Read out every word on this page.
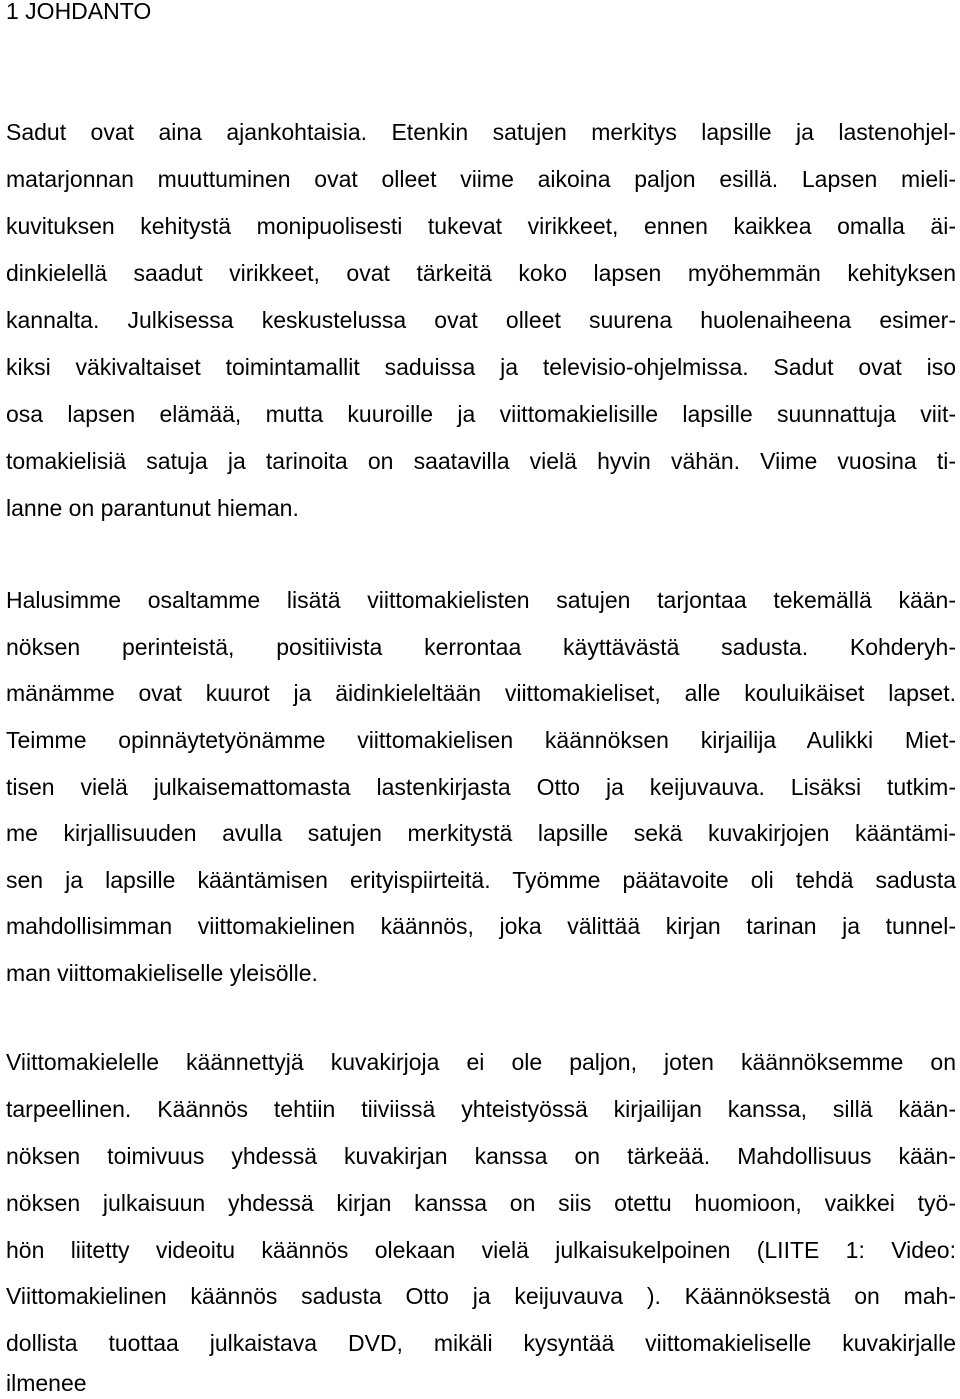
1 JOHDANTO
Sadut ovat aina ajankohtaisia. Etenkin satujen merkitys lapsille ja lastenohjel-
matarjonnan muuttuminen ovat olleet viime aikoina paljon esillä. Lapsen mieli-
kuvituksen kehitystä monipuolisesti tukevat virikkeet, ennen kaikkea omalla äi-
dinkielellä saadut virikkeet, ovat tärkeitä koko lapsen myöhemmän kehityksen
kannalta. Julkisessa keskustelussa ovat olleet suurena huolenaiheena esimer-
kiksi väkivaltaiset toimintamallit saduissa ja televisio-ohjelmissa. Sadut ovat iso
osa lapsen elämää, mutta kuuroille ja viittomakielisille lapsille suunnattuja viit-
tomakielisiä satuja ja tarinoita on saatavilla vielä hyvin vähän. Viime vuosina ti-
lanne on parantunut hieman.
Halusimme osaltamme lisätä viittomakielisten satujen tarjontaa tekemällä kään-
nöksen perinteistä, positiivista kerrontaa käyttävästä sadusta. Kohderyh-
mänämme ovat kuurot ja äidinkieleltään viittomakieliset, alle kouluikäiset lapset.
Teimme opinnäytetyönämme viittomakielisen käännöksen kirjailija Aulikki Miet-
tisen vielä julkaisemattomasta lastenkirjasta Otto ja keijuvauva. Lisäksi tutkim-
me kirjallisuuden avulla satujen merkitystä lapsille sekä kuvakirjojen kääntämi-
sen ja lapsille kääntämisen erityispiirteitä. Työmme päätavoite oli tehdä sadusta
mahdollisimman viittomakielinen käännös, joka välittää kirjan tarinan ja tunnel-
man viittomakieliselle yleisölle.
Viittomakielelle käännettyjä kuvakirjoja ei ole paljon, joten käännöksemme on
tarpeellinen. Käännös tehtiin tiiviissä yhteistyössä kirjailijan kanssa, sillä kään-
nöksen toimivuus yhdessä kuvakirjan kanssa on tärkeää. Mahdollisuus kään-
nöksen julkaisuun yhdessä kirjan kanssa on siis otettu huomioon, vaikkei työ-
hön liitetty videoitu käännös olekaan vielä julkaisukelpoinen (LIITE 1: Video:
Viittomakielinen käännös sadusta Otto ja keijuvauva ). Käännöksestä on mah-
dollista tuottaa julkaistava DVD, mikäli kysyntää viittomakieliselle kuvakirjalle
ilmenee
